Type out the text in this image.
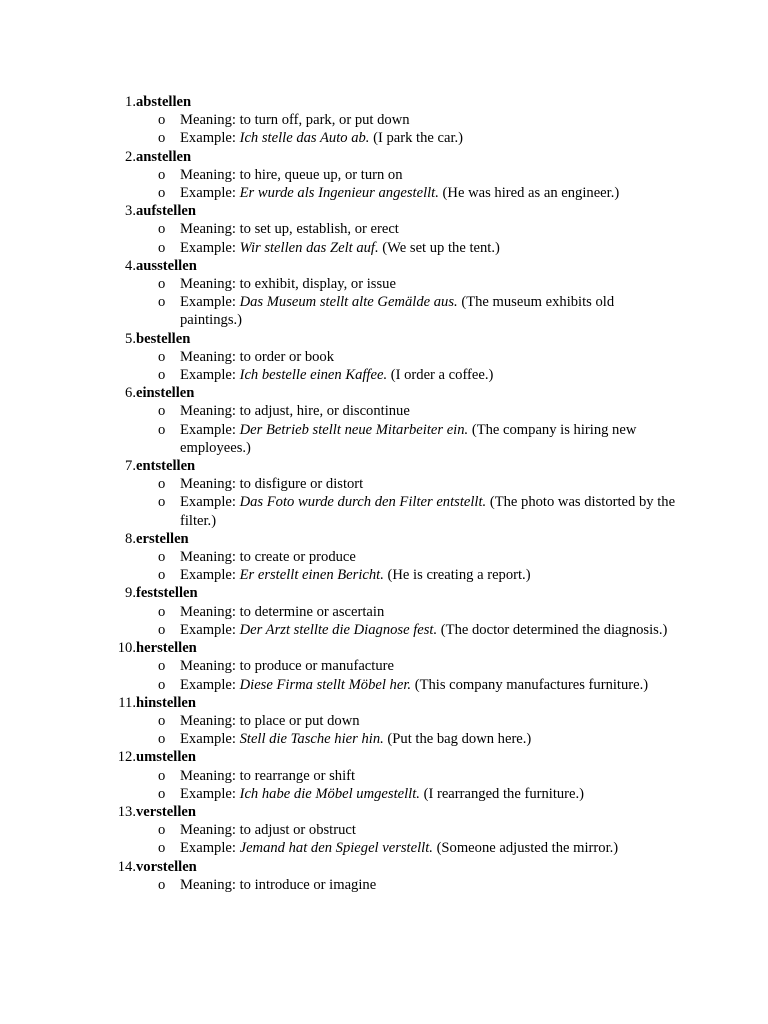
1. abstellen
o Meaning: to turn off, park, or put down
o Example: Ich stelle das Auto ab. (I park the car.)
2. anstellen
o Meaning: to hire, queue up, or turn on
o Example: Er wurde als Ingenieur angestellt. (He was hired as an engineer.)
3. aufstellen
o Meaning: to set up, establish, or erect
o Example: Wir stellen das Zelt auf. (We set up the tent.)
4. ausstellen
o Meaning: to exhibit, display, or issue
o Example: Das Museum stellt alte Gemälde aus. (The museum exhibits old paintings.)
5. bestellen
o Meaning: to order or book
o Example: Ich bestelle einen Kaffee. (I order a coffee.)
6. einstellen
o Meaning: to adjust, hire, or discontinue
o Example: Der Betrieb stellt neue Mitarbeiter ein. (The company is hiring new employees.)
7. entstellen
o Meaning: to disfigure or distort
o Example: Das Foto wurde durch den Filter entstellt. (The photo was distorted by the filter.)
8. erstellen
o Meaning: to create or produce
o Example: Er erstellt einen Bericht. (He is creating a report.)
9. feststellen
o Meaning: to determine or ascertain
o Example: Der Arzt stellte die Diagnose fest. (The doctor determined the diagnosis.)
10. herstellen
o Meaning: to produce or manufacture
o Example: Diese Firma stellt Möbel her. (This company manufactures furniture.)
11. hinstellen
o Meaning: to place or put down
o Example: Stell die Tasche hier hin. (Put the bag down here.)
12. umstellen
o Meaning: to rearrange or shift
o Example: Ich habe die Möbel umgestellt. (I rearranged the furniture.)
13. verstellen
o Meaning: to adjust or obstruct
o Example: Jemand hat den Spiegel verstellt. (Someone adjusted the mirror.)
14. vorstellen
o Meaning: to introduce or imagine
